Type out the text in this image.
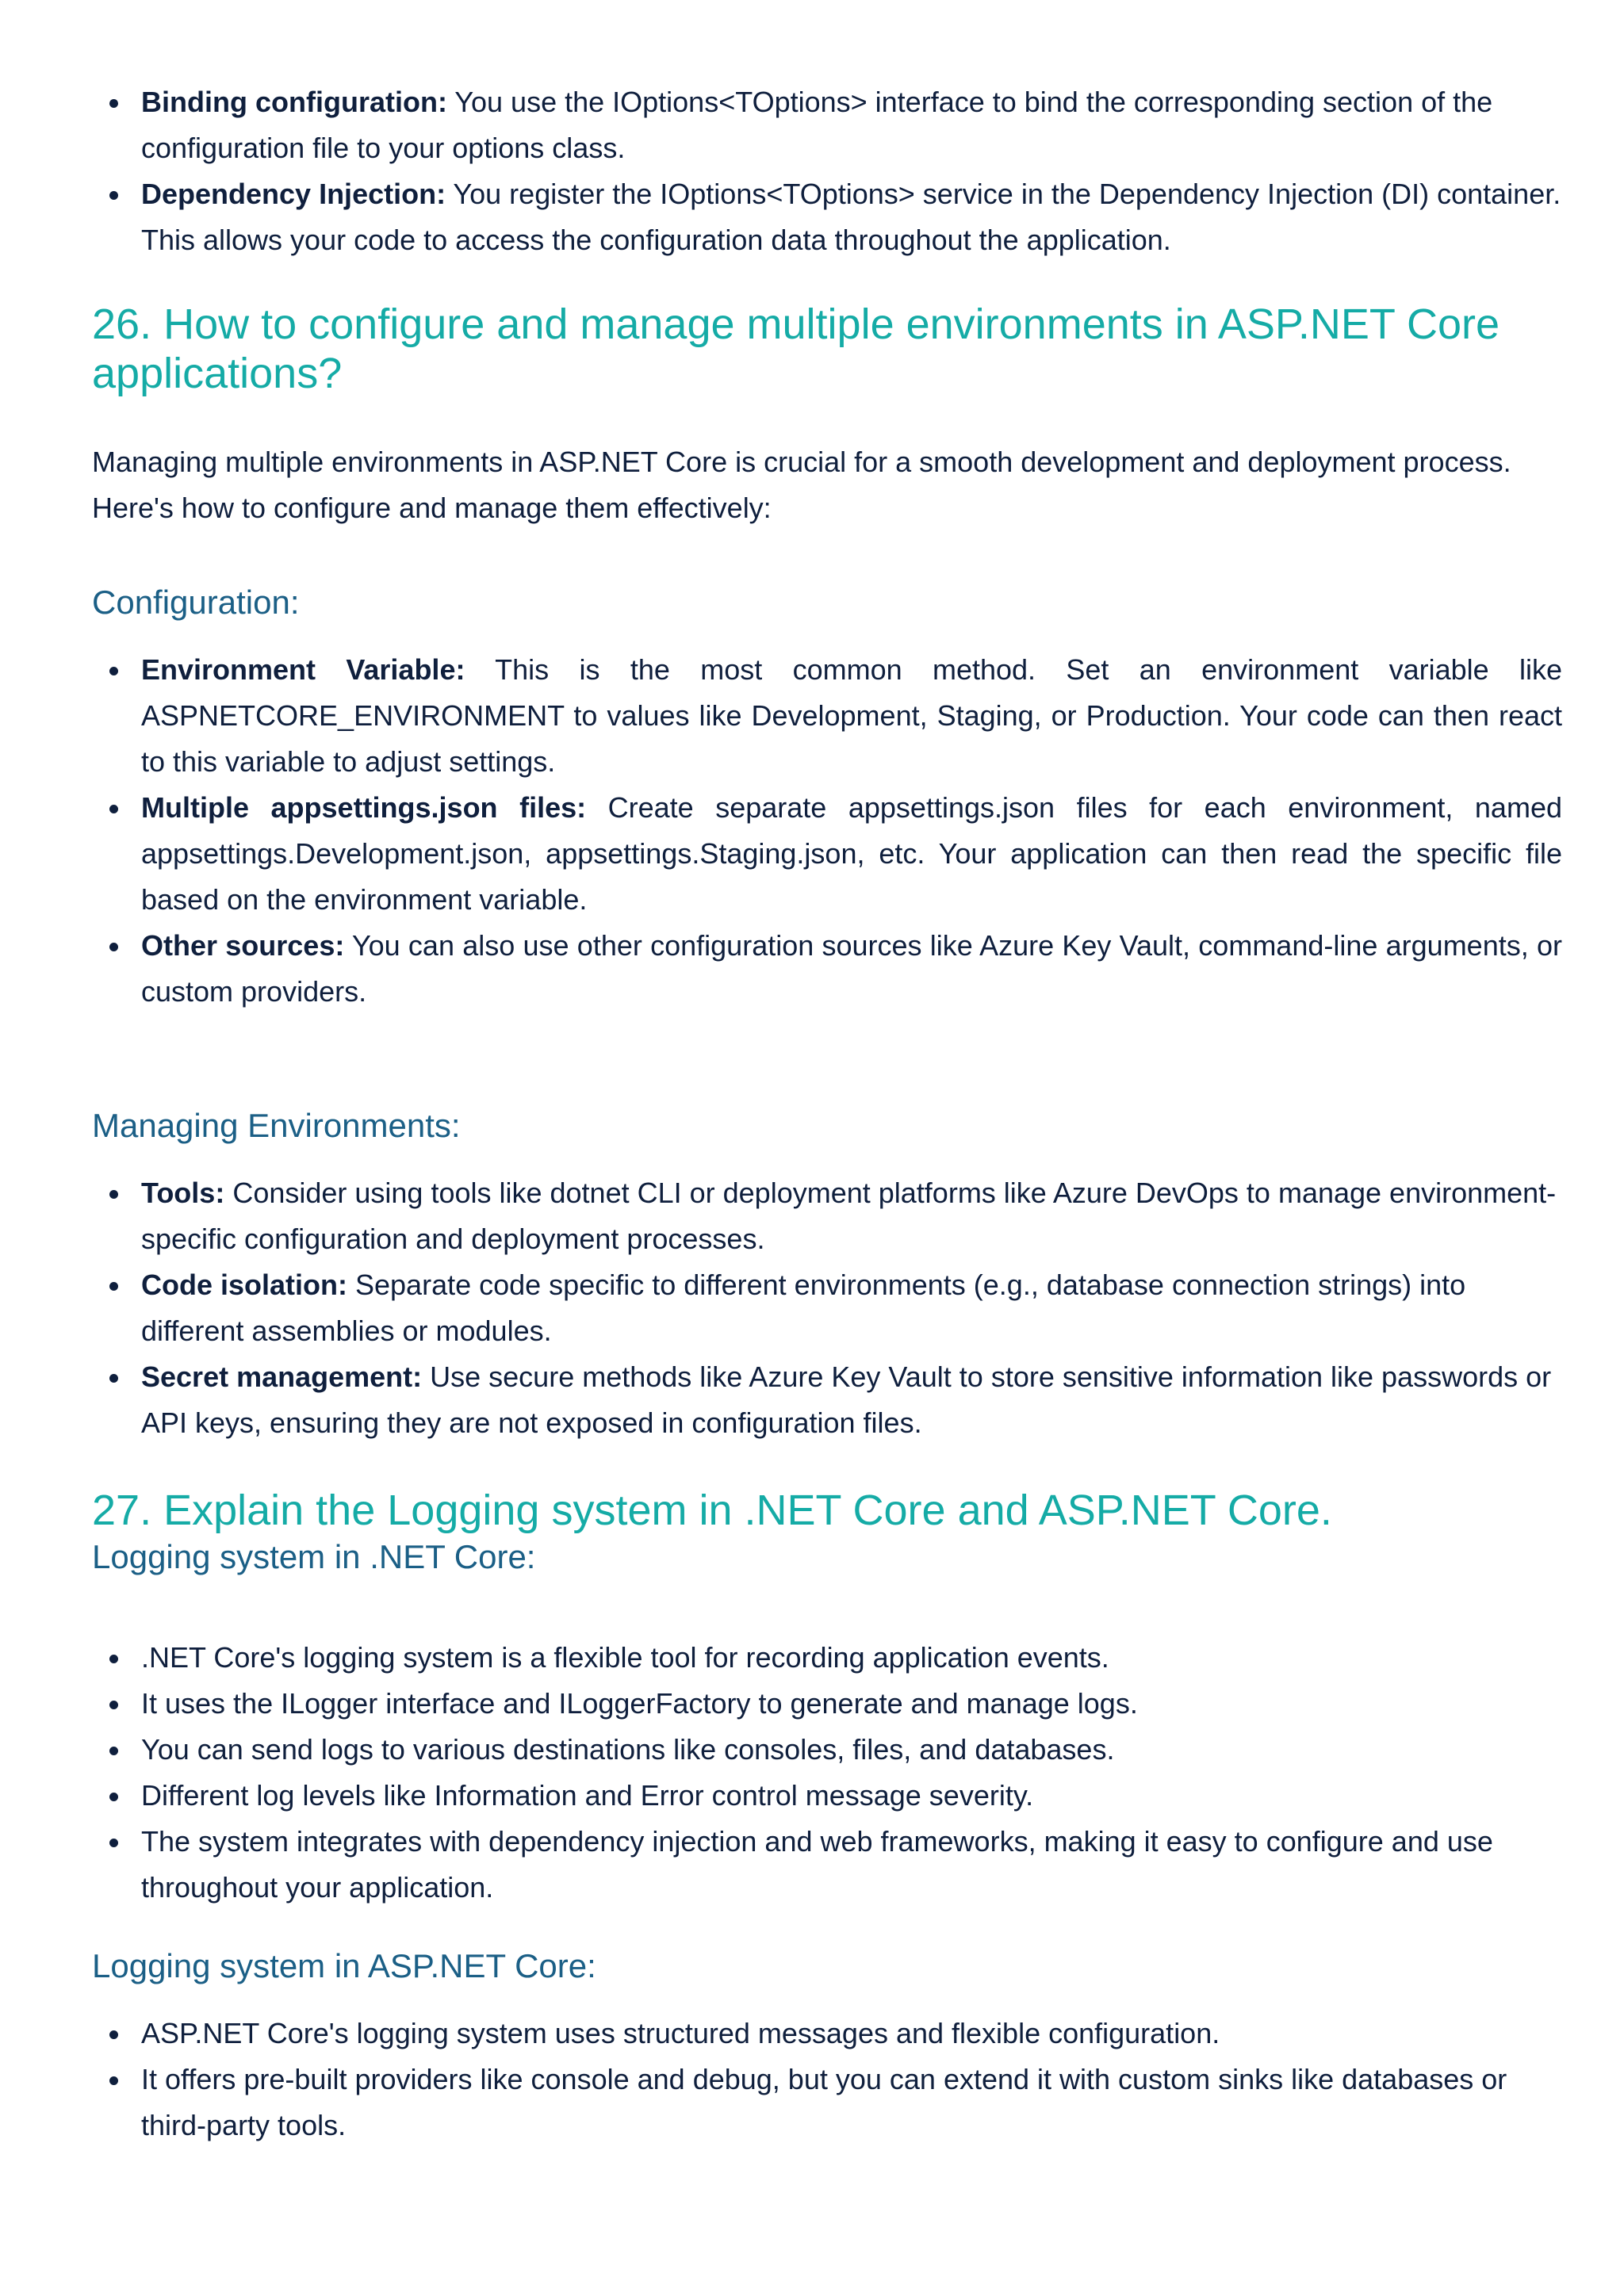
Binding configuration: You use the IOptions<TOptions> interface to bind the corresponding section of the configuration file to your options class.
Dependency Injection: You register the IOptions<TOptions> service in the Dependency Injection (DI) container. This allows your code to access the configuration data throughout the application.
26. How to configure and manage multiple environments in ASP.NET Core applications?

Managing multiple environments in ASP.NET Core is crucial for a smooth development and deployment process. Here's how to configure and manage them effectively:

Configuration:
Environment Variable: This is the most common method. Set an environment variable like ASPNETCORE_ENVIRONMENT to values like Development, Staging, or Production. Your code can then react to this variable to adjust settings.
Multiple appsettings.json files: Create separate appsettings.json files for each environment, named appsettings.Development.json, appsettings.Staging.json, etc. Your application can then read the specific file based on the environment variable.
Other sources: You can also use other configuration sources like Azure Key Vault, command-line arguments, or custom providers.
Managing Environments:
Tools: Consider using tools like dotnet CLI or deployment platforms like Azure DevOps to manage environment-specific configuration and deployment processes.
Code isolation: Separate code specific to different environments (e.g., database connection strings) into different assemblies or modules.
Secret management: Use secure methods like Azure Key Vault to store sensitive information like passwords or API keys, ensuring they are not exposed in configuration files.
27. Explain the Logging system in .NET Core and ASP.NET Core.
Logging system in .NET Core:
.NET Core's logging system is a flexible tool for recording application events.
It uses the ILogger interface and ILoggerFactory to generate and manage logs.
You can send logs to various destinations like consoles, files, and databases.
Different log levels like Information and Error control message severity.
The system integrates with dependency injection and web frameworks, making it easy to configure and use throughout your application.
Logging system in ASP.NET Core:
ASP.NET Core's logging system uses structured messages and flexible configuration.
It offers pre-built providers like console and debug, but you can extend it with custom sinks like databases or third-party tools.
